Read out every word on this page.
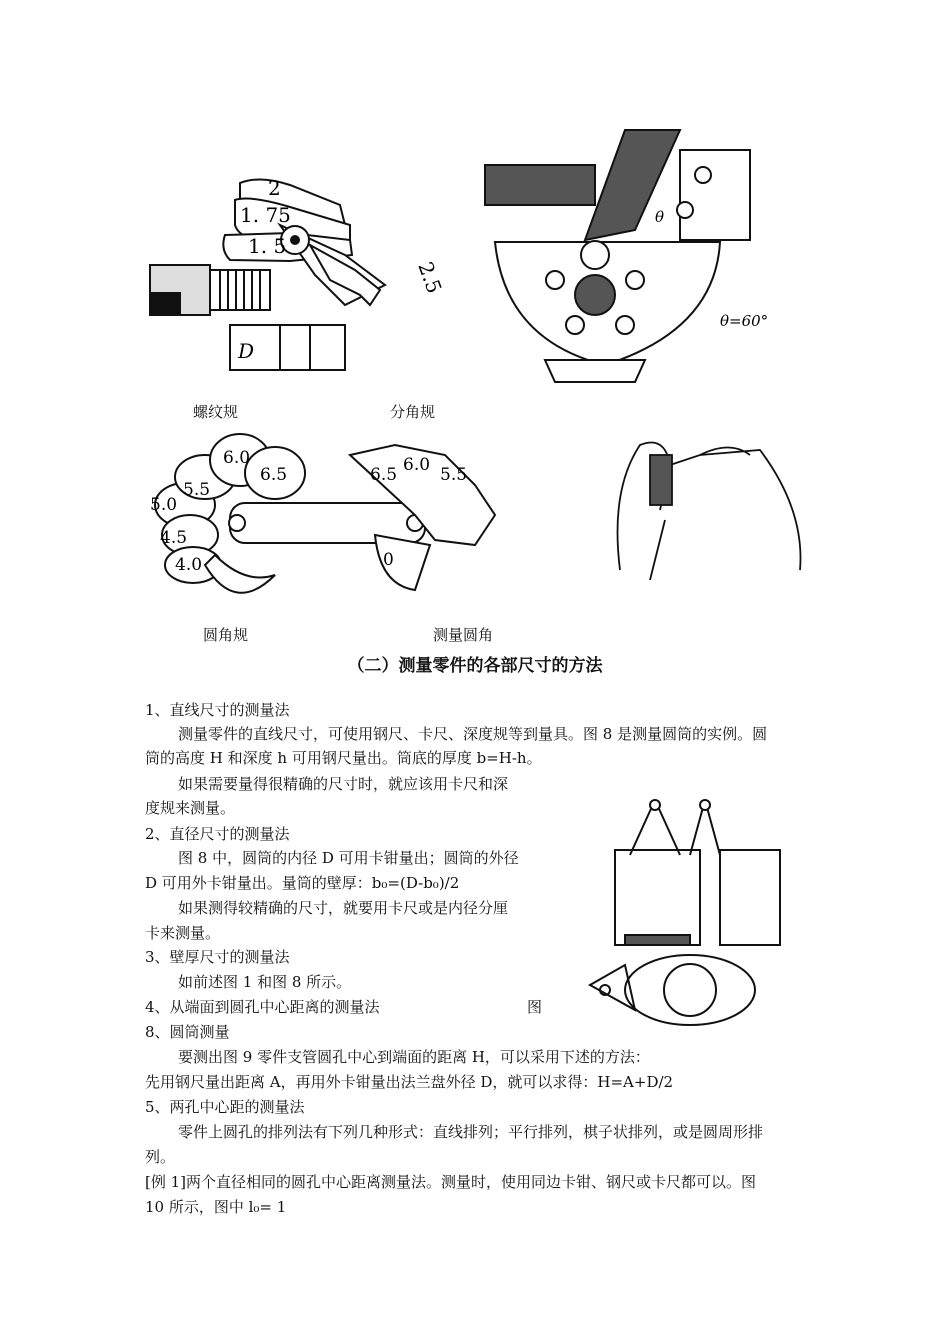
2
1. 75
1. 5
2.5
D
θ
θ=60°
螺纹规	分角规
6.0
5.5
6.5
5.0
4.5
4.0
6.5 6.0 5.5
0
圆角规	测量圆角
（二）测量零件的各部尺寸的方法
1、直线尺寸的测量法
测量零件的直线尺寸，可使用钢尺、卡尺、深度规等到量具。图 8 是测量圆筒的实例。圆
筒的高度 H 和深度 h 可用钢尺量出。筒底的厚度 b=H-h。
如果需要量得很精确的尺寸时，就应该用卡尺和深
度规来测量。
2、直径尺寸的测量法
图 8 中，圆筒的内径 D 可用卡钳量出；圆筒的外径
D 可用外卡钳量出。量筒的壁厚：b₀=(D-b₀)/2
如果测得较精确的尺寸，就要用卡尺或是内径分厘
卡来测量。
3、壁厚尺寸的测量法
如前述图 1 和图 8 所示。
4、从端面到圆孔中心距离的测量法	图
8、圆筒测量
要测出图 9 零件支管圆孔中心到端面的距离 H，可以采用下述的方法：
先用钢尺量出距离 A，再用外卡钳量出法兰盘外径 D，就可以求得：H=A+D/2
5、两孔中心距的测量法
零件上圆孔的排列法有下列几种形式：直线排列；平行排列，棋子状排列，或是圆周形排
列。
[例 1]两个直径相同的圆孔中心距离测量法。测量时，使用同边卡钳、钢尺或卡尺都可以。图
10 所示，图中 l₀= 1
